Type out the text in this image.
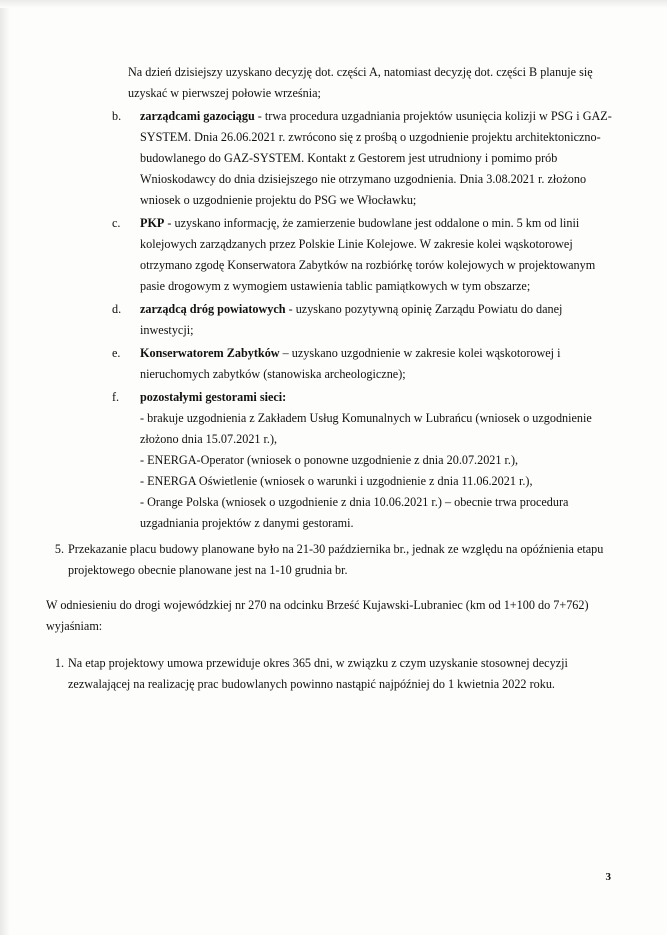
Na dzień dzisiejszy uzyskano decyzję dot. części A, natomiast decyzję dot. części B planuje się uzyskać w pierwszej połowie września;
b.	zarządcami gazociągu - trwa procedura uzgadniania projektów usunięcia kolizji w PSG i GAZ-SYSTEM. Dnia 26.06.2021 r. zwrócono się z prośbą o uzgodnienie projektu architektoniczno-budowlanego do GAZ-SYSTEM. Kontakt z Gestorem jest utrudniony i pomimo prób Wnioskodawcy do dnia dzisiejszego nie otrzymano uzgodnienia. Dnia 3.08.2021 r. złożono wniosek o uzgodnienie projektu do PSG we Włocławku;
c.	PKP - uzyskano informację, że zamierzenie budowlane jest oddalone o min. 5 km od linii kolejowych zarządzanych przez Polskie Linie Kolejowe. W zakresie kolei wąskotorowej otrzymano zgodę Konserwatora Zabytków na rozbiórkę torów kolejowych w projektowanym pasie drogowym z wymogiem ustawienia tablic pamiątkowych w tym obszarze;
d.	zarządcą dróg powiatowych - uzyskano pozytywną opinię Zarządu Powiatu do danej inwestycji;
e.	Konserwatorem Zabytków – uzyskano uzgodnienie w zakresie kolei wąskotorowej i nieruchomych zabytków (stanowiska archeologiczne);
f.	pozostałymi gestorami sieci:
- brakuje uzgodnienia z Zakładem Usług Komunalnych w Lubrańcu (wniosek o uzgodnienie złożono dnia 15.07.2021 r.),
- ENERGA-Operator (wniosek o ponowne uzgodnienie z dnia 20.07.2021 r.),
- ENERGA Oświetlenie (wniosek o warunki i uzgodnienie z dnia 11.06.2021 r.),
- Orange Polska (wniosek o uzgodnienie z dnia 10.06.2021 r.) – obecnie trwa procedura uzgadniania projektów z danymi gestorami.
5. Przekazanie placu budowy planowane było na 21-30 października br., jednak ze względu na opóźnienia etapu projektowego obecnie planowane jest na 1-10 grudnia br.
W odniesieniu do drogi wojewódzkiej nr 270 na odcinku Brześć Kujawski-Lubraniec (km od 1+100 do 7+762) wyjaśniam:
1. Na etap projektowy umowa przewiduje okres 365 dni, w związku z czym uzyskanie stosownej decyzji zezwalającej na realizację prac budowlanych powinno nastąpić najpóźniej do 1 kwietnia 2022 roku.
3
